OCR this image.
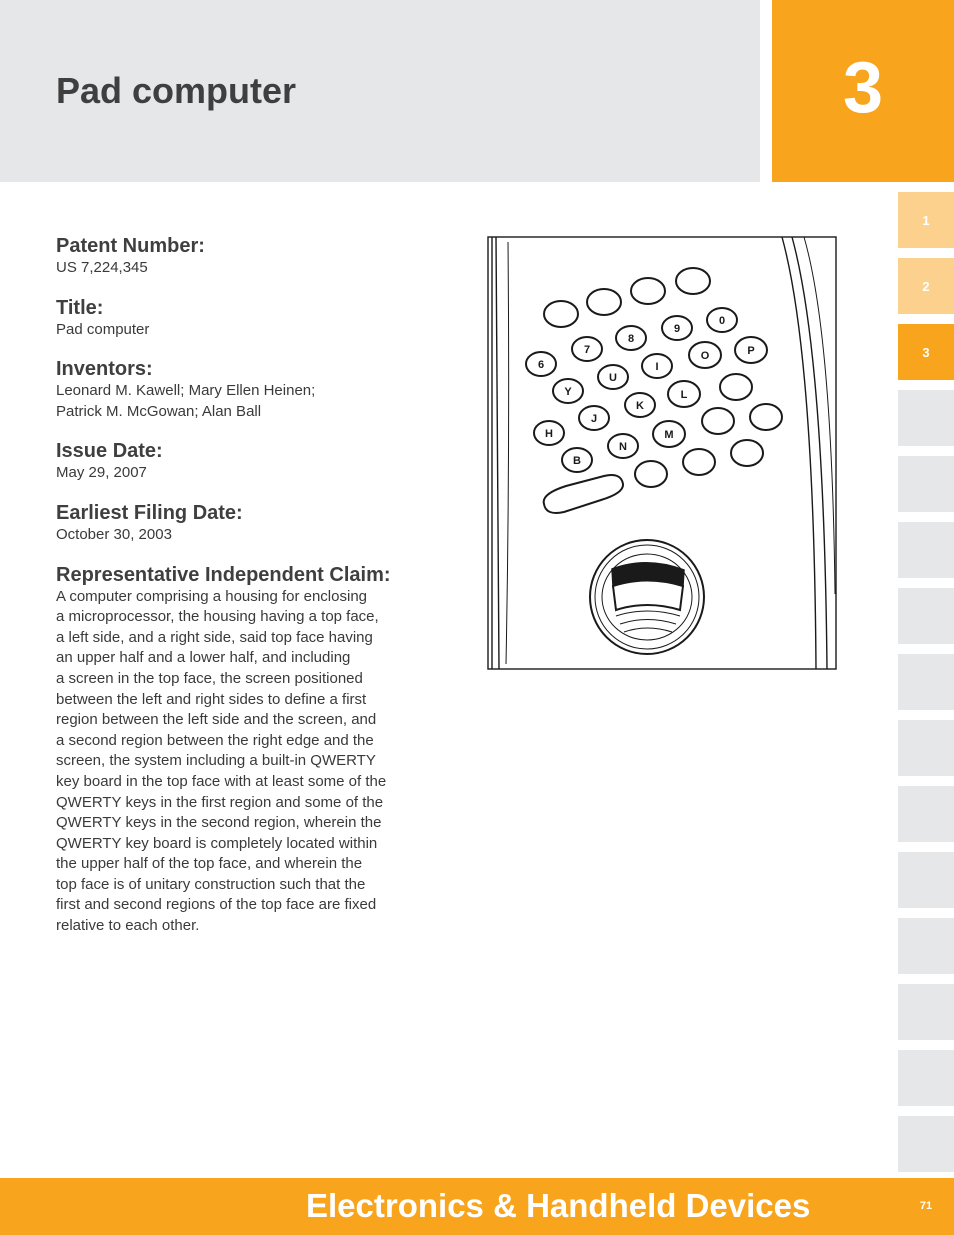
Pad computer	3
1
2
3
Patent Number:
US 7,224,345
Title:
Pad computer
Inventors:
Leonard M. Kawell; Mary Ellen Heinen;
Patrick M. McGowan; Alan Ball
Issue Date:
May 29, 2007
Earliest Filing Date:
October 30, 2003
Representative Independent Claim:
A computer comprising a housing for enclosing
a microprocessor, the housing having a top face,
a left side, and a right side, said top face having
an upper half and a lower half, and including
a screen in the top face, the screen positioned
between the left and right sides to define a first
region between the left side and the screen, and
a second region between the right edge and the
screen, the system including a built-in QWERTY
key board in the top face with at least some of the
QWERTY keys in the first region and some of the
QWERTY keys in the second region, wherein the
QWERTY key board is completely located within
the upper half of the top face, and wherein the
top face is of unitary construction such that the
first and second regions of the top face are fixed
relative to each other.
7
8
9
0
6
O	P
U
I
Y	L
K
J
H	M
N
B
Electronics & Handheld Devices	71
